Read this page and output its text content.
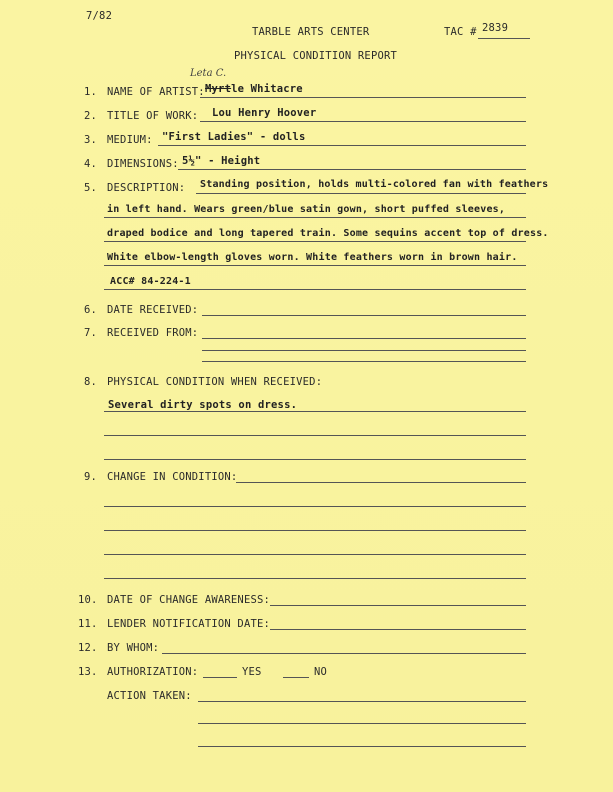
7/82
TARBLE ARTS CENTER	TAC # 2839
PHYSICAL CONDITION REPORT
Leta C.
1. NAME OF ARTIST: Myrtle Whitacre
2. TITLE OF WORK: Lou Henry Hoover
3. MEDIUM: "First Ladies" - dolls
4. DIMENSIONS: 5½" - Height
5. DESCRIPTION: Standing position, holds multi-colored fan with feathers
in left hand. Wears green/blue satin gown, short puffed sleeves,
draped bodice and long tapered train. Some sequins accent top of dress.
White elbow-length gloves worn. White feathers worn in brown hair.
ACC# 84-224-1
6. DATE RECEIVED:
7. RECEIVED FROM:
8. PHYSICAL CONDITION WHEN RECEIVED:
Several dirty spots on dress.
9. CHANGE IN CONDITION:
10. DATE OF CHANGE AWARENESS:
11. LENDER NOTIFICATION DATE:
12. BY WHOM:
13. AUTHORIZATION:	YES	NO
ACTION TAKEN:
